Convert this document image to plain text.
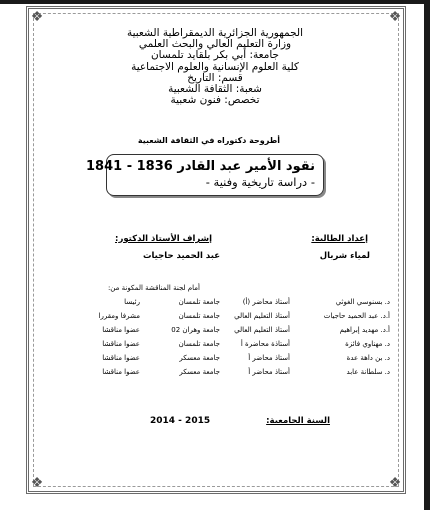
❖	❖
❖	❖
الجمهورية الجزائرية الديمقراطية الشعبية
وزارة التعليم العالي والبحث العلمي
جامعة: أبي بكر بلقايد تلمسان
كلية العلوم الإنسانية والعلوم الاجتماعية
قسم: التاريخ
شعبة: الثقافة الشعبية
تخصص: فنون شعبية
أطروحة دكتوراه في الثقافة الشعبية
نقود الأمير عبد القادر 1836 - 1841
- دراسة تاريخية وفنية -
إعداد الطالبة:
إشراف الأستاذ الدكتور:
لمياء شربال
عبد الحميد حاجيات
أمام لجنة المناقشة المكونة من:
د. بسنوسي الغوثي
أستاذ محاضر (أ)
جامعة تلمسان
رئيسا
أ.د. عبد الحميد حاجيات
أستاذ التعليم العالي
جامعة تلمسان
مشرفا ومقررا
أ.د. مهديد إبراهيم
أستاذ التعليم العالي
جامعة وهران 02
عضوا مناقشا
د. مهناوي فائزة
أستاذة محاضرة أ
جامعة تلمسان
عضوا مناقشا
د. بن داهة عدة
أستاذ محاضر أ
جامعة معسكر
عضوا مناقشا
د. سلطانة عابد
أستاذ محاضر أ
جامعة معسكر
عضوا مناقشا
السنة الجامعية:
2014 - 2015
